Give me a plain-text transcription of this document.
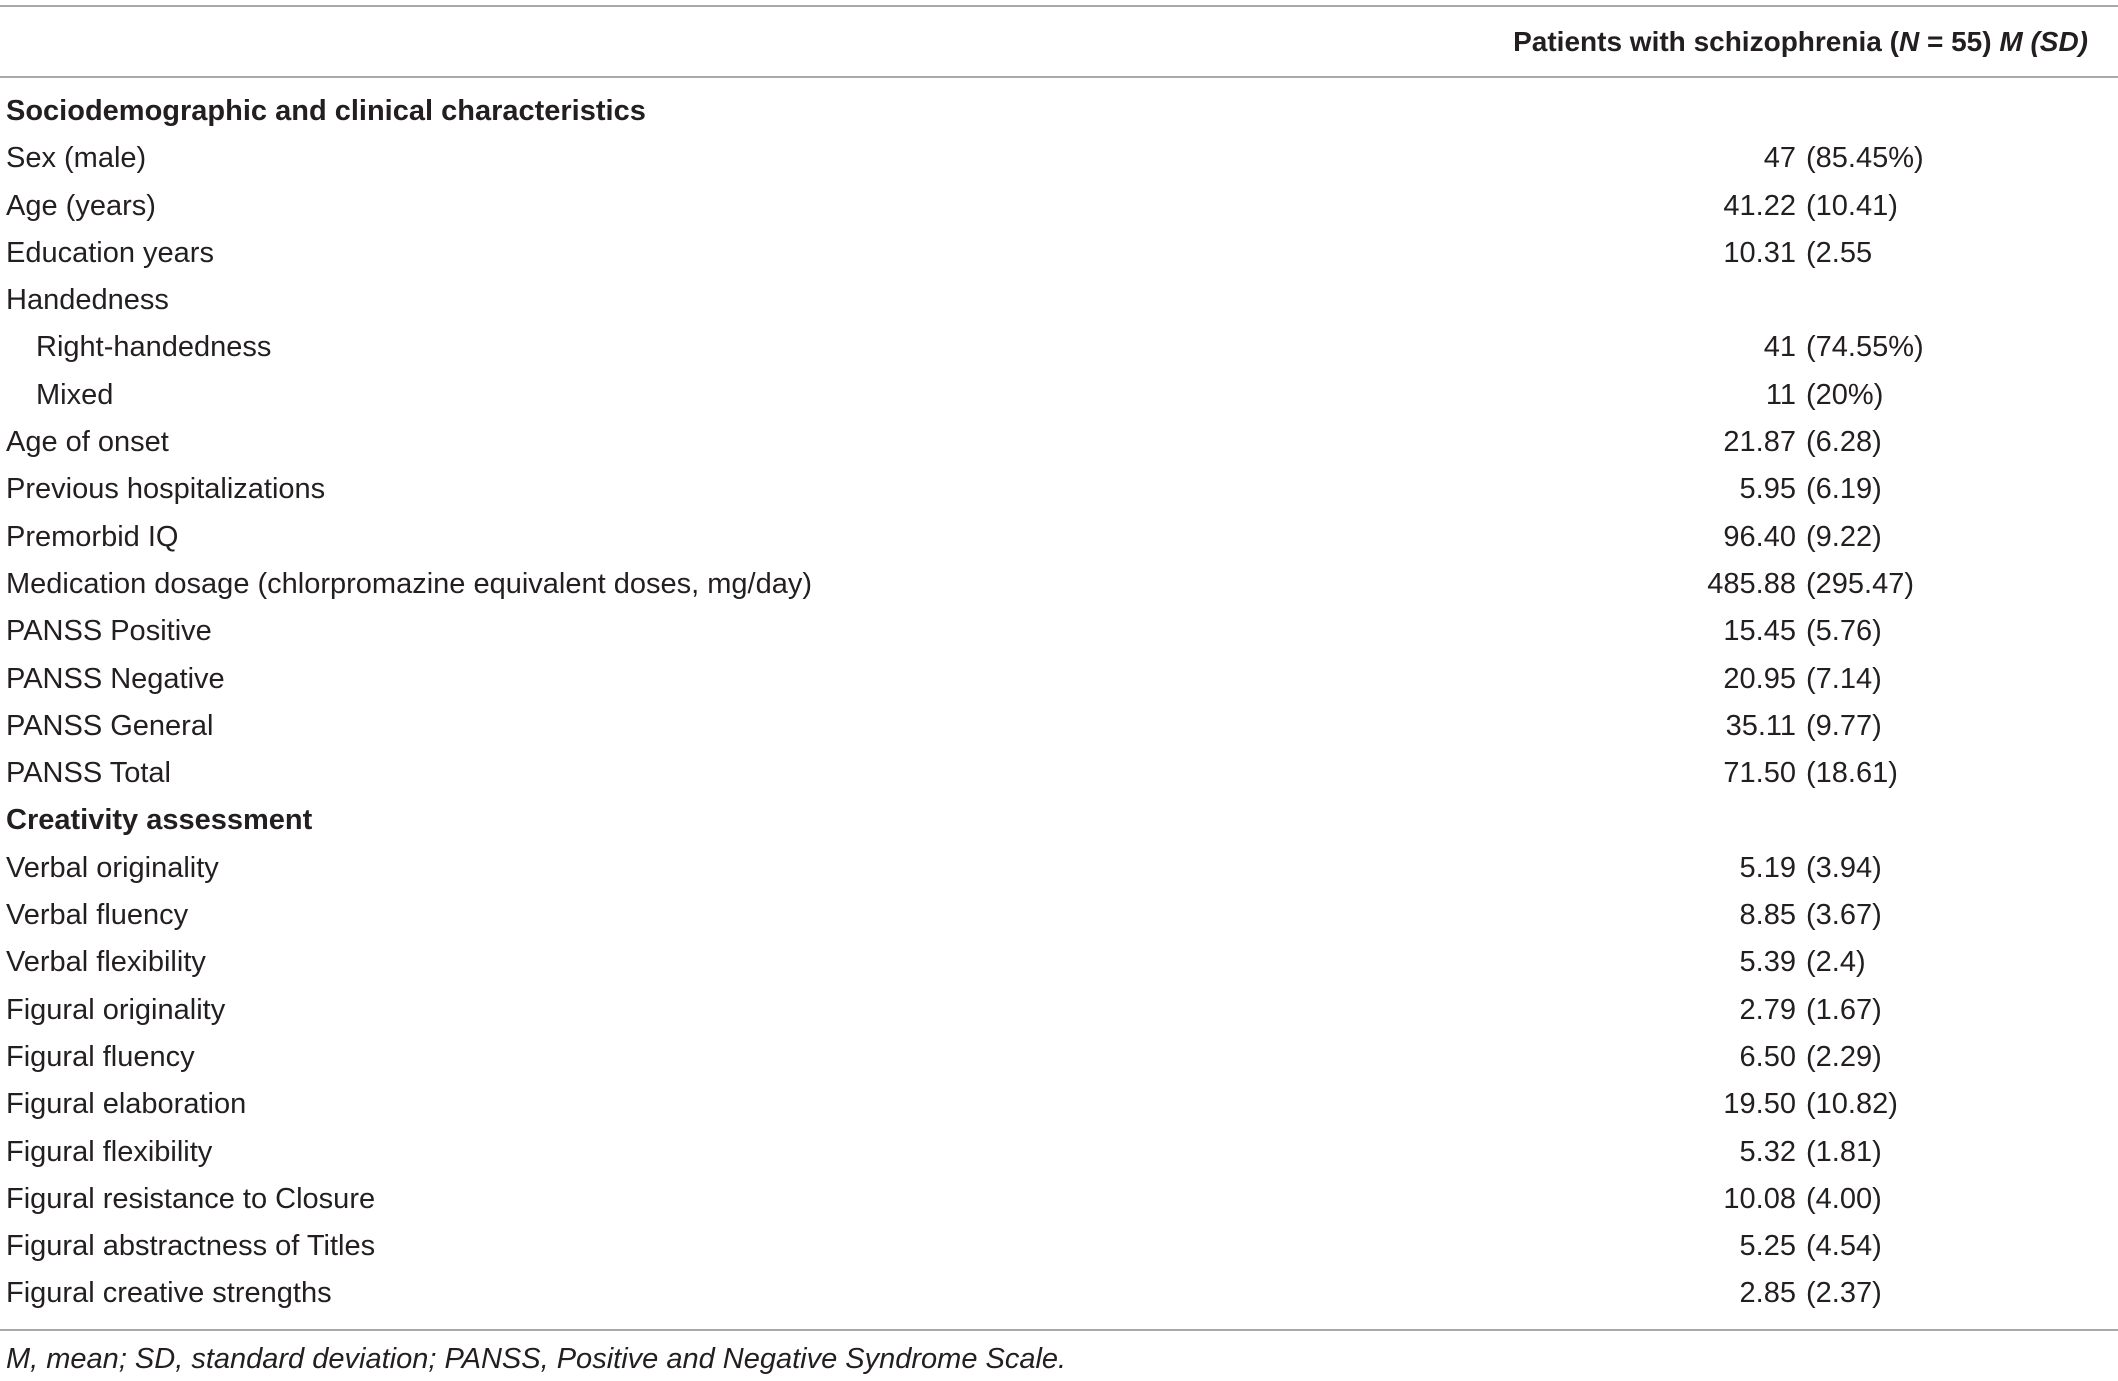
Patients with schizophrenia (N = 55) M (SD)
Sociodemographic and clinical characteristics
Sex (male)	47 (85.45%)
Age (years)	41.22 (10.41)
Education years	10.31 (2.55
Handedness
Right-handedness	41 (74.55%)
Mixed	11 (20%)
Age of onset	21.87 (6.28)
Previous hospitalizations	5.95 (6.19)
Premorbid IQ	96.40 (9.22)
Medication dosage (chlorpromazine equivalent doses, mg/day)	485.88 (295.47)
PANSS Positive	15.45 (5.76)
PANSS Negative	20.95 (7.14)
PANSS General	35.11 (9.77)
PANSS Total	71.50 (18.61)
Creativity assessment
Verbal originality	5.19 (3.94)
Verbal fluency	8.85 (3.67)
Verbal flexibility	5.39 (2.4)
Figural originality	2.79 (1.67)
Figural fluency	6.50 (2.29)
Figural elaboration	19.50 (10.82)
Figural flexibility	5.32 (1.81)
Figural resistance to Closure	10.08 (4.00)
Figural abstractness of Titles	5.25 (4.54)
Figural creative strengths	2.85 (2.37)
M, mean; SD, standard deviation; PANSS, Positive and Negative Syndrome Scale.
